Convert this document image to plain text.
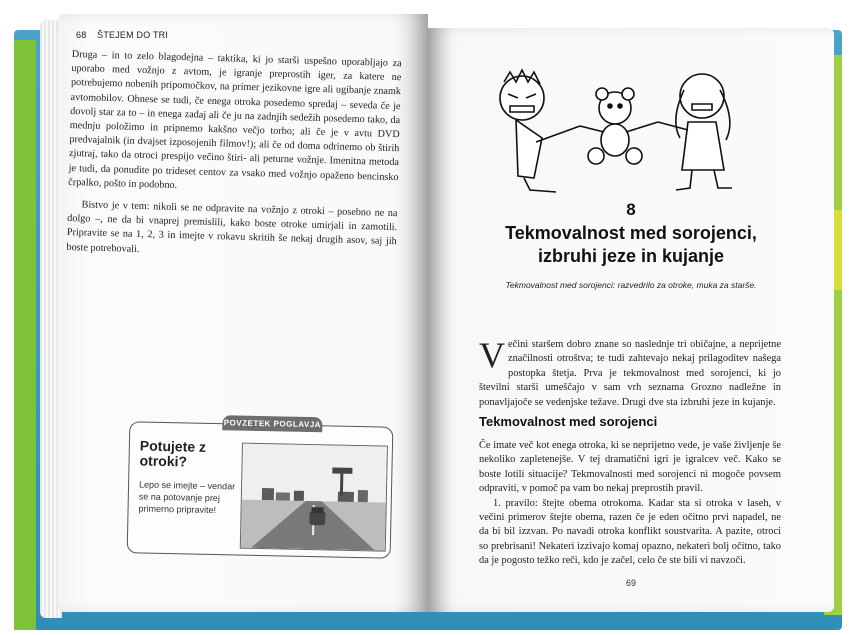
68 ŠTEJEM DO TRI

Druga – in to zelo blagodejna – taktika, ki jo starši uspešno uporabljajo za uporabo med vožnjo z avtom, je igranje preprostih iger, za katere ne potrebujemo nobenih pripomočkov, na primer jezikovne igre ali ugibanje znamk avtomobilov. Obnese se tudi, če enega otroka posedemo spredaj – seveda če je dovolj star za to – in enega zadaj ali če ju na zadnjih sedežih posedemo tako, da mednju položimo in pripnemo kakšno večjo torbo; ali če je v avtu DVD predvajalnik (in dvajset izposojenih filmov!); ali če od doma odrinemo ob štirih zjutraj, tako da otroci prespijo večino štiri- ali peturne vožnje. Imenitna metoda je tudi, da ponudite po trideset centov za vsako med vožnjo opaženo bencinsko črpalko, pošto in podobno.

Bistvo je v tem: nikoli se ne odpravite na vožnjo z otroki – posebno ne na dolgo –, ne da bi vnaprej premislili, kako boste otroke umirjali in zamotili. Pripravite se na 1, 2, 3 in imejte v rokavu skritih še nekaj drugih asov, saj jih boste potrebovali.

POVZETEK POGLAVJA
Potujete z otroki?
Lepo se imejte – vendar se na potovanje prej primerno pripravite!
8
Tekmovalnost med sorojenci,
izbruhi jeze in kujanje
Tekmovalnost med sorojenci: razvedrilo za otroke, muka za starše.

V ečini staršem dobro znane so naslednje tri običajne, a neprijetne značilnosti otroštva; te tudi zahtevajo nekaj prilagoditev našega postopka štetja. Prva je tekmovalnost med sorojenci, ki jo številni starši umeščajo v sam vrh seznama Grozno nadležne in ponavljajoče se vedenjske težave. Drugi dve sta izbruhi jeze in kujanje.

Tekmovalnost med sorojenci

Če imate več kot enega otroka, ki se neprijetno vede, je vaše življenje še nekoliko zapletenejše. V tej dramatični igri je igralcev več. Kako se boste lotili situacije? Tekmovalnosti med sorojenci ni mogoče povsem odpraviti, v pomoč pa vam bo nekaj preprostih pravil.

1. pravilo: štejte obema otrokoma. Kadar sta si otroka v laseh, v večini primerov štejte obema, razen če je eden očitno prvi napadel, ne da bi bil izzvan. Po navadi otroka konflikt soustvarita. A pazite, otroci so prebrisani! Nekateri izzivajo komaj opazno, nekateri bolj očitno, tako da je pogosto težko reči, kdo je začel, celo če ste bili vi navzoči.

69
